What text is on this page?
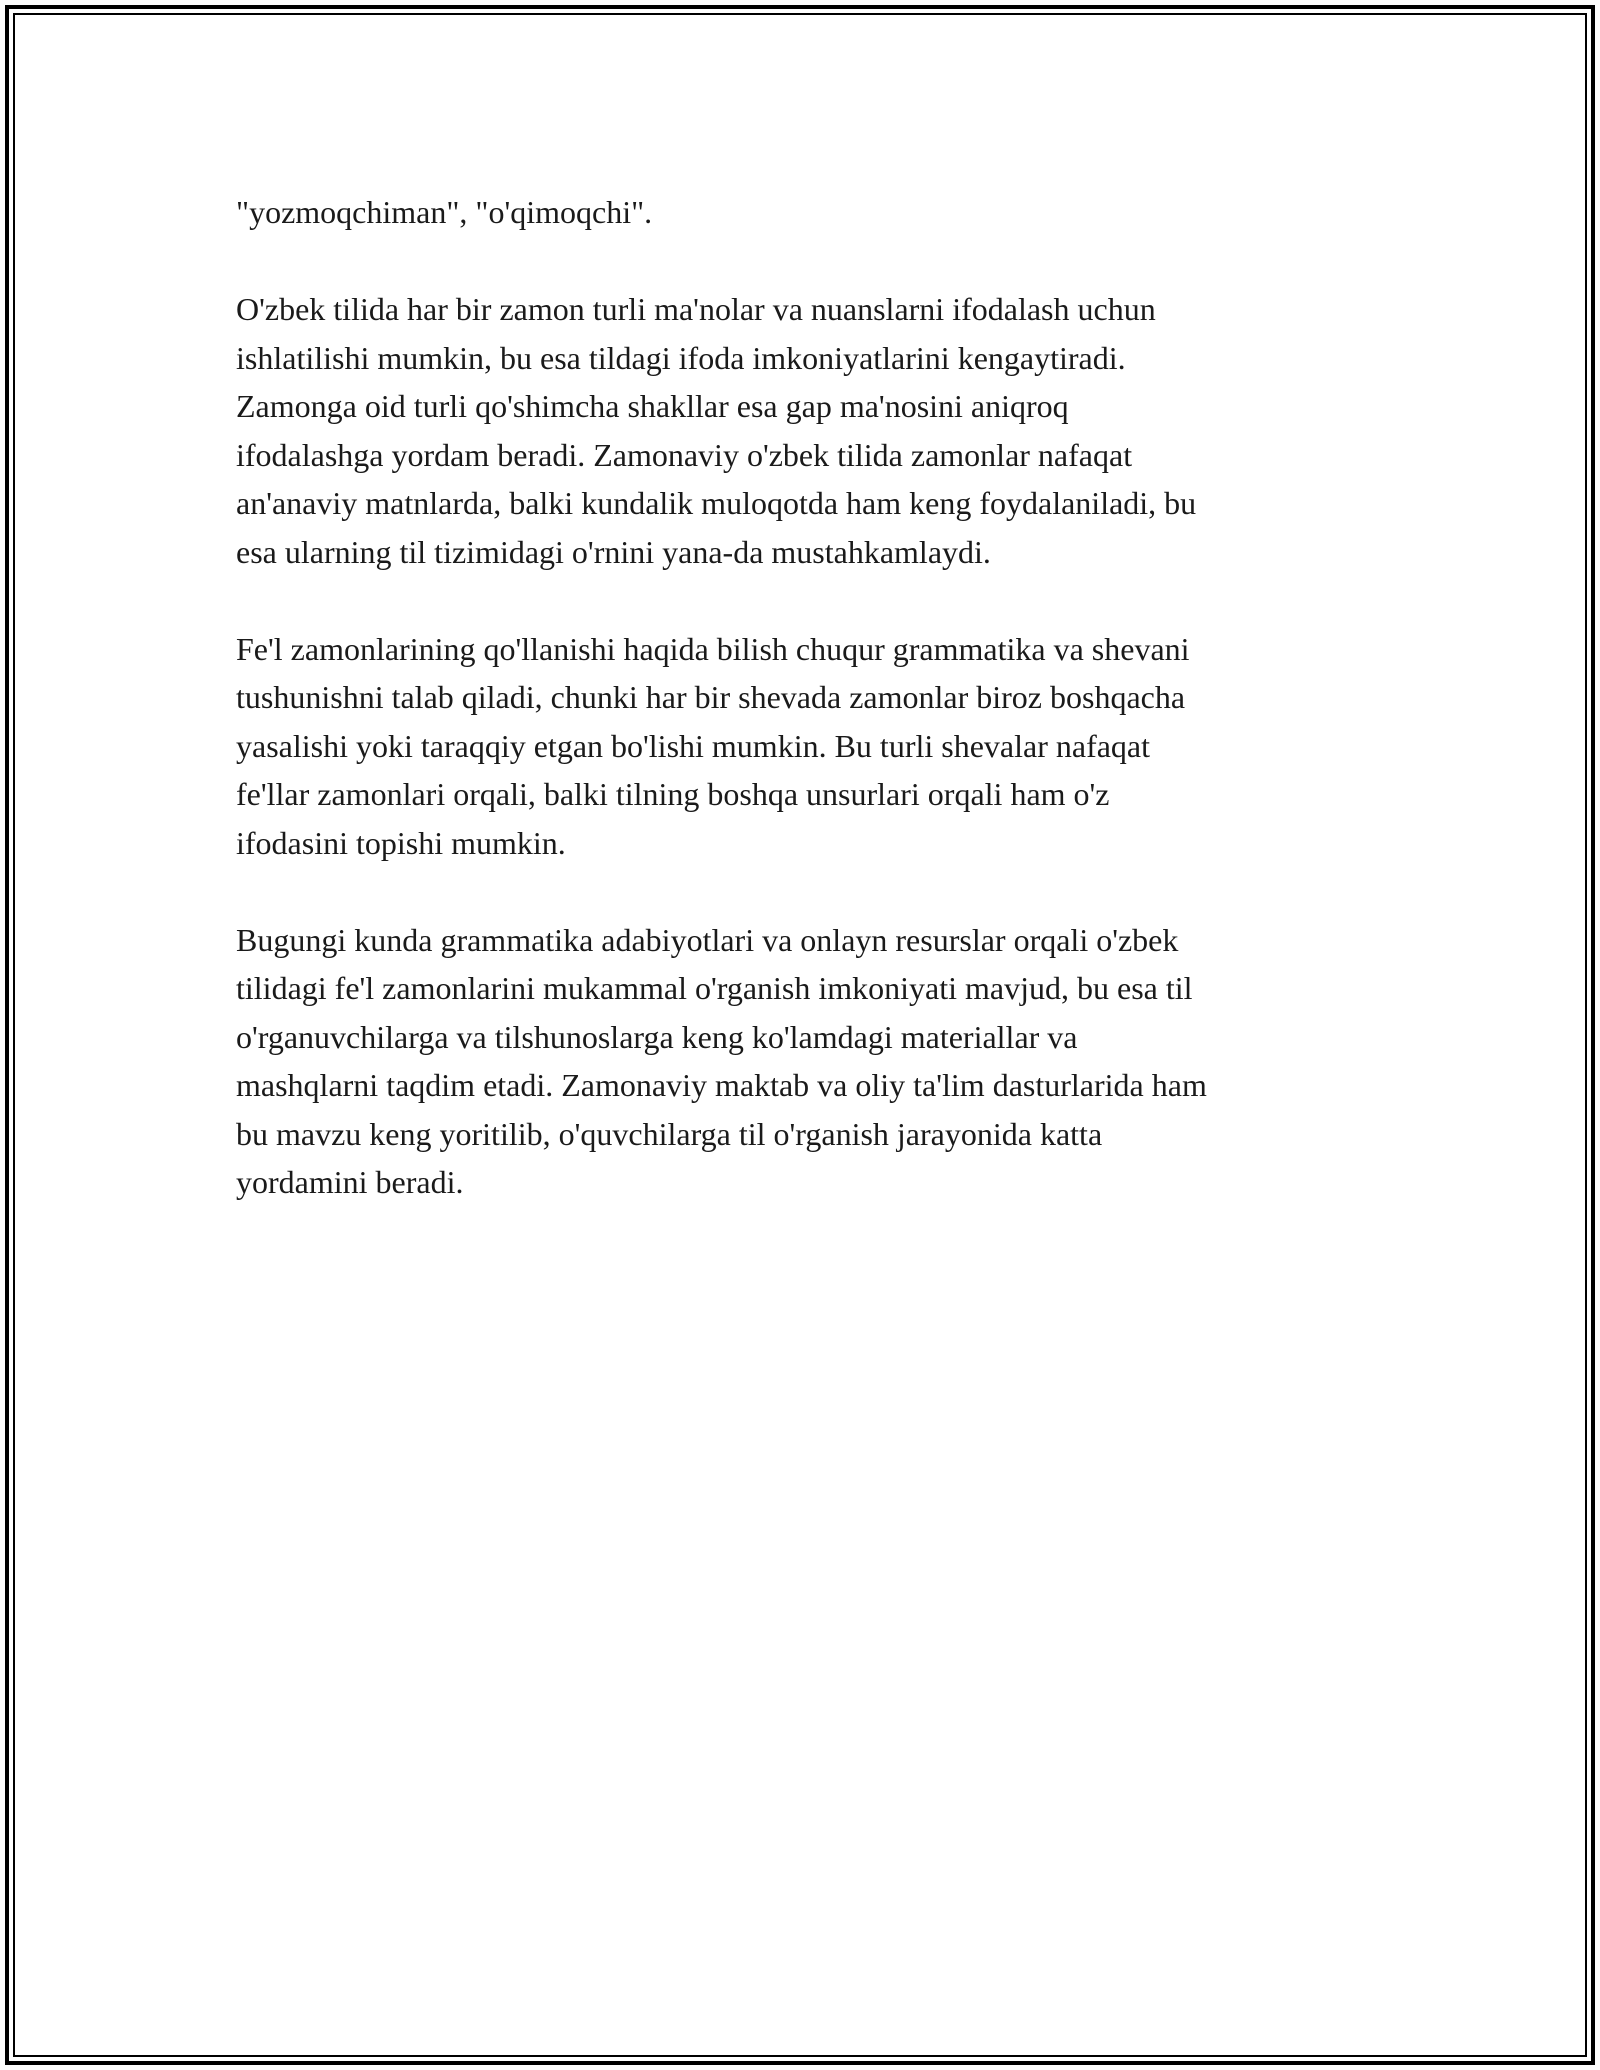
"yozmoqchiman", "o'qimoqchi".

O'zbek tilida har bir zamon turli ma'nolar va nuanslarni ifodalash uchun
ishlatilishi mumkin, bu esa tildagi ifoda imkoniyatlarini kengaytiradi.
Zamonga oid turli qo'shimcha shakllar esa gap ma'nosini aniqroq
ifodalashga yordam beradi. Zamonaviy o'zbek tilida zamonlar nafaqat
an'anaviy matnlarda, balki kundalik muloqotda ham keng foydalaniladi, bu
esa ularning til tizimidagi o'rnini yana-da mustahkamlaydi.

Fe'l zamonlarining qo'llanishi haqida bilish chuqur grammatika va shevani
tushunishni talab qiladi, chunki har bir shevada zamonlar biroz boshqacha
yasalishi yoki taraqqiy etgan bo'lishi mumkin. Bu turli shevalar nafaqat
fe'llar zamonlari orqali, balki tilning boshqa unsurlari orqali ham o'z
ifodasini topishi mumkin.

Bugungi kunda grammatika adabiyotlari va onlayn resurslar orqali o'zbek
tilidagi fe'l zamonlarini mukammal o'rganish imkoniyati mavjud, bu esa til
o'rganuvchilarga va tilshunoslarga keng ko'lamdagi materiallar va
mashqlarni taqdim etadi. Zamonaviy maktab va oliy ta'lim dasturlarida ham
bu mavzu keng yoritilib, o'quvchilarga til o'rganish jarayonida katta
yordamini beradi.
